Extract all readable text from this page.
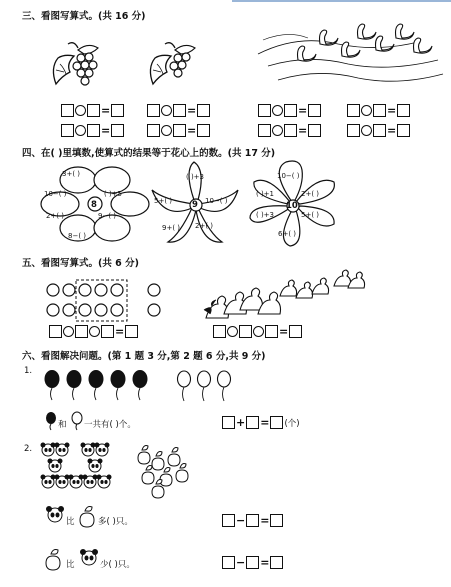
三、看图写算式。(共 16 分)
=	=	=	=
=	=	=	=
四、在( )里填数,使算式的结果等于花心上的数。(共 17 分)
8
3+( )
( )+5
9−( )
8−( )
2+( )
10−( )
9
( )+3
10−( )
2+( )
9+( )
5+( )	10
10−( )
2+( )
5+( )
6+( )
( )+3
( )+1
五、看图写算式。(共 6 分)
=	=
六、看图解决问题。(第 1 题 3 分,第 2 题 6 分,共 9 分)
1.
和 一共有( )个。	+ = (个)
2.
比	多( )只。	− =
比	少( )只。	− =
